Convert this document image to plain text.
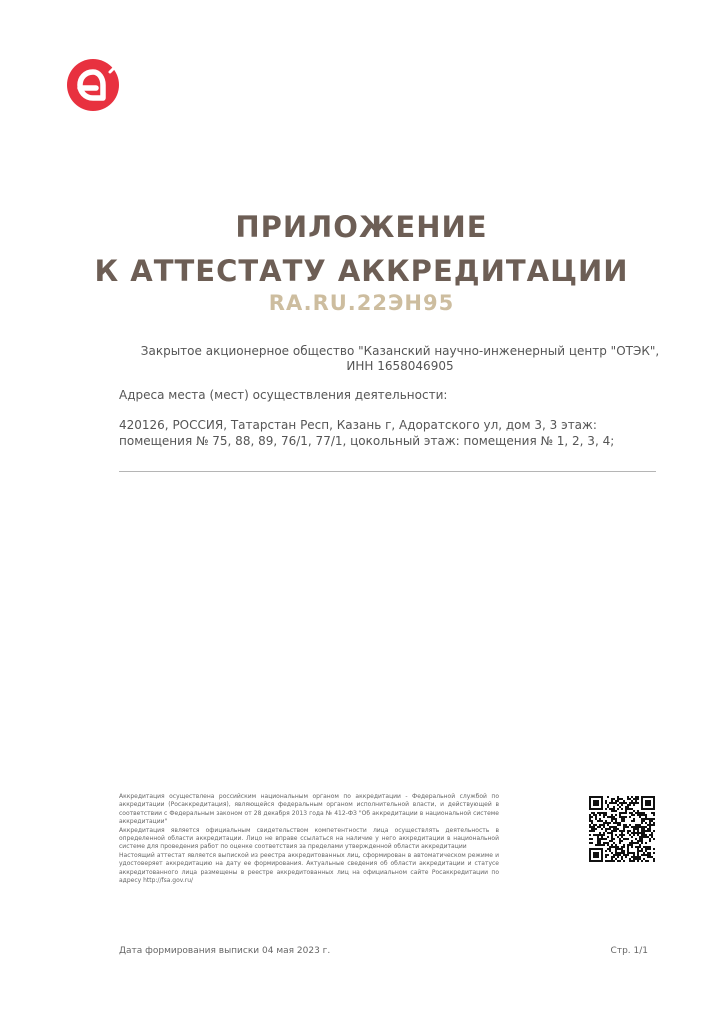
ПРИЛОЖЕНИЕ
К АТТЕСТАТУ АККРЕДИТАЦИИ
RA.RU.22ЭН95
Закрытое акционерное общество "Казанский научно-инженерный центр "ОТЭК", ИНН 1658046905
Адреса места (мест) осуществления деятельности:
420126, РОССИЯ, Татарстан Респ, Казань г, Адоратского ул, дом 3, 3 этаж: помещения № 75, 88, 89, 76/1, 77/1, цокольный этаж: помещения № 1, 2, 3, 4;

Аккредитация осуществлена российским национальным органом по аккредитации - Федеральной службой по аккредитации (Росаккредитация), являющейся федеральным органом исполнительной власти, и действующей в соответствии с Федеральным законом от 28 декабря 2013 года № 412-ФЗ "Об аккредитации в национальной системе аккредитации"

Аккредитация является официальным свидетельством компетентности лица осуществлять деятельность в определенной области аккредитации. Лицо не вправе ссылаться на наличие у него аккредитации в национальной системе для проведения работ по оценке соответствия за пределами утвержденной области аккредитации

Настоящий аттестат является выпиской из реестра аккредитованных лиц, сформирован в автоматическом режиме и удостоверяет аккредитацию на дату ее формирования. Актуальные сведения об области аккредитации и статусе аккредитованного лица размещены в реестре аккредитованных лиц на официальном сайте Росаккредитации по адресу http://fsa.gov.ru/

Дата формирования выписки 04 мая 2023 г.	Стр. 1/1
